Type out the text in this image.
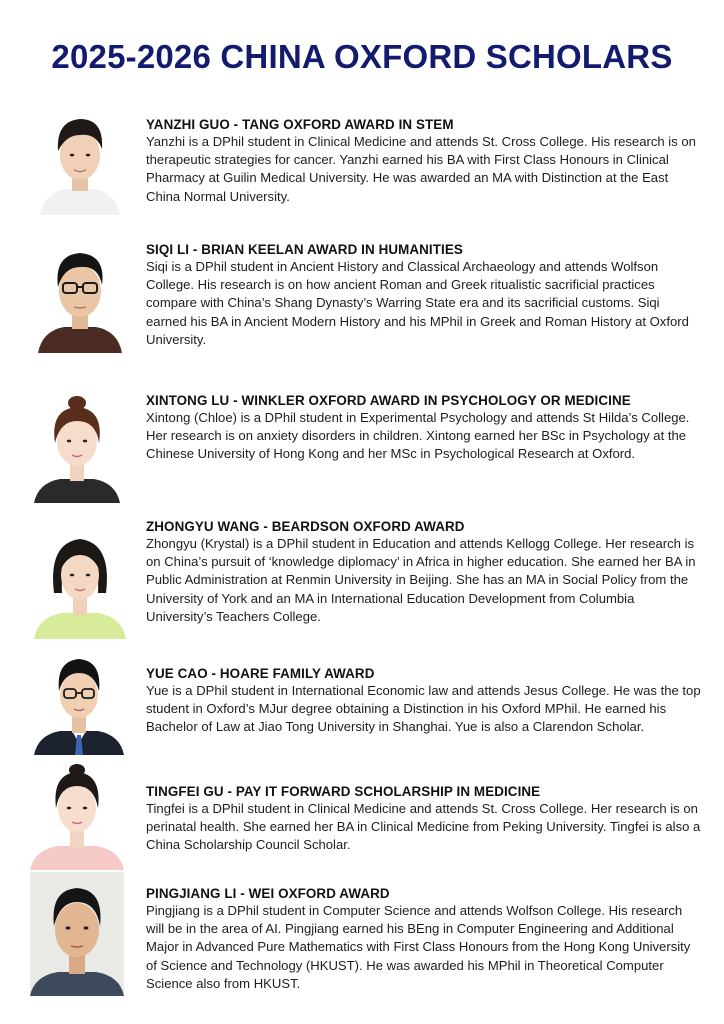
2025-2026 CHINA OXFORD SCHOLARS

YANZHI GUO - TANG OXFORD AWARD IN STEM

Yanzhi is a DPhil student in Clinical Medicine and attends St. Cross College. His research is on therapeutic strategies for cancer. Yanzhi earned his BA with First Class Honours in Clinical Pharmacy at Guilin Medical University. He was awarded an MA with Distinction at the East China Normal University.

SIQI LI - BRIAN KEELAN AWARD IN HUMANITIES

Siqi is a DPhil student in Ancient History and Classical Archaeology and attends Wolfson College. His research is on how ancient Roman and Greek ritualistic sacrificial practices compare with China’s Shang Dynasty’s Warring State era and its sacrificial customs. Siqi earned his BA in Ancient Modern History and his MPhil in Greek and Roman History at Oxford University.

XINTONG LU - WINKLER OXFORD AWARD IN PSYCHOLOGY OR MEDICINE

Xintong (Chloe) is a DPhil student in Experimental Psychology and attends St Hilda’s College. Her research is on anxiety disorders in children. Xintong earned her BSc in Psychology at the Chinese University of Hong Kong and her MSc in Psychological Research at Oxford.

ZHONGYU WANG - BEARDSON OXFORD AWARD

Zhongyu (Krystal) is a DPhil student in Education and attends Kellogg College. Her research is on China’s pursuit of ‘knowledge diplomacy’ in Africa in higher education. She earned her BA in Public Administration at Renmin University in Beijing. She has an MA in Social Policy from the University of York and an MA in International Education Development from Columbia University’s Teachers College.

YUE CAO - HOARE FAMILY AWARD

Yue is a DPhil student in International Economic law and attends Jesus College. He was the top student in Oxford’s MJur degree obtaining a Distinction in his Oxford MPhil. He earned his Bachelor of Law at Jiao Tong University in Shanghai. Yue is also a Clarendon Scholar.

TINGFEI GU - PAY IT FORWARD SCHOLARSHIP IN MEDICINE

Tingfei is a DPhil student in Clinical Medicine and attends St. Cross College. Her research is on perinatal health. She earned her BA in Clinical Medicine from Peking University. Tingfei is also a China Scholarship Council Scholar.

PINGJIANG LI - WEI OXFORD AWARD

Pingjiang is a DPhil student in Computer Science and attends Wolfson College. His research will be in the area of AI. Pingjiang earned his BEng in Computer Engineering and Additional Major in Advanced Pure Mathematics with First Class Honours from the Hong Kong University of Science and Technology (HKUST). He was awarded his MPhil in Theoretical Computer Science also from HKUST.
